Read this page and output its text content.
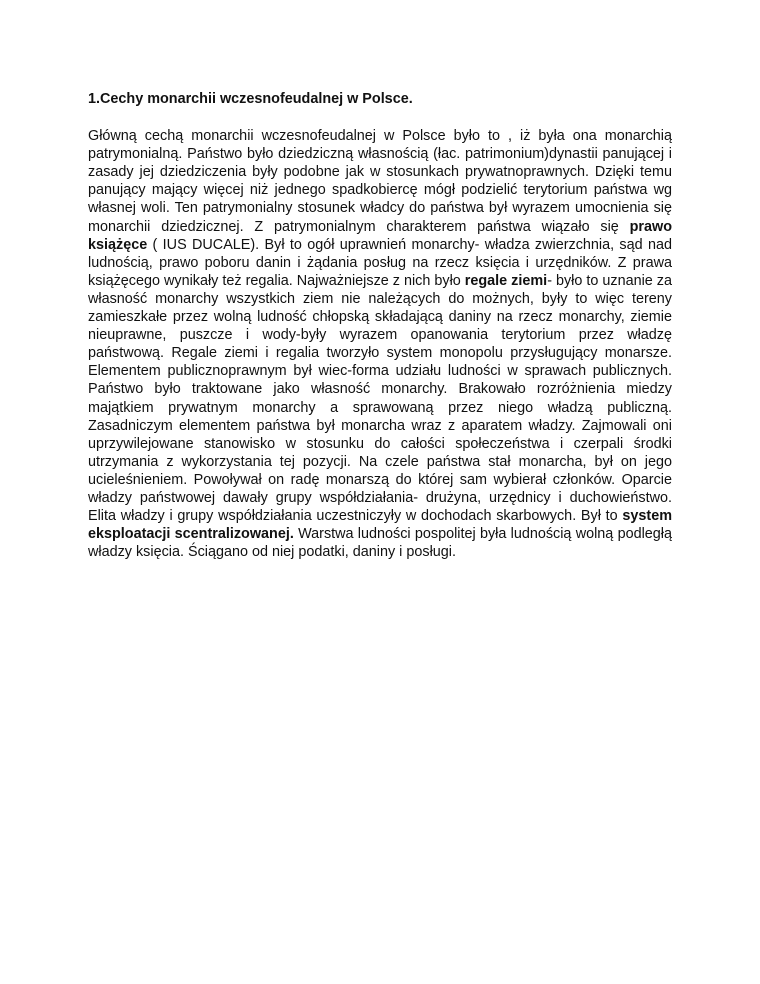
1.Cechy monarchii wczesnofeudalnej w Polsce.

Główną cechą monarchii wczesnofeudalnej w Polsce było to , iż była ona monarchią patrymonialną. Państwo było dziedziczną własnością (łac. patrimonium)dynastii panującej i zasady jej dziedziczenia były podobne jak w stosunkach prywatnoprawnych. Dzięki temu panujący mający więcej niż jednego spadkobiercę mógł podzielić terytorium państwa wg własnej woli. Ten patrymonialny stosunek władcy do państwa był wyrazem umocnienia się monarchii dziedzicznej. Z patrymonialnym charakterem państwa wiązało się prawo książęce ( IUS DUCALE). Był to ogół uprawnień monarchy- władza zwierzchnia, sąd nad ludnością, prawo poboru danin i żądania posług na rzecz księcia i urzędników. Z prawa książęcego wynikały też regalia. Najważniejsze z nich było regale ziemi- było to uznanie za własność monarchy wszystkich ziem nie należących do możnych, były to więc tereny zamieszkałe przez wolną ludność chłopską składającą daniny na rzecz monarchy, ziemie nieuprawne, puszcze i wody-były wyrazem opanowania terytorium przez władzę państwową. Regale ziemi i regalia tworzyło system monopolu przysługujący monarsze. Elementem publicznoprawnym był wiec-forma udziału ludności w sprawach publicznych. Państwo było traktowane jako własność monarchy. Brakowało rozróżnienia miedzy majątkiem prywatnym monarchy a sprawowaną przez niego władzą publiczną. Zasadniczym elementem państwa był monarcha wraz z aparatem władzy. Zajmowali oni uprzywilejowane stanowisko w stosunku do całości społeczeństwa i czerpali środki utrzymania z wykorzystania tej pozycji. Na czele państwa stał monarcha, był on jego ucieleśnieniem. Powoływał on radę monarszą do której sam wybierał członków. Oparcie władzy państwowej dawały grupy współdziałania- drużyna, urzędnicy i duchowieństwo. Elita władzy i grupy współdziałania uczestniczyły w dochodach skarbowych. Był to system eksploatacji scentralizowanej. Warstwa ludności pospolitej była ludnością wolną podległą władzy księcia. Ściągano od niej podatki, daniny i posługi.
